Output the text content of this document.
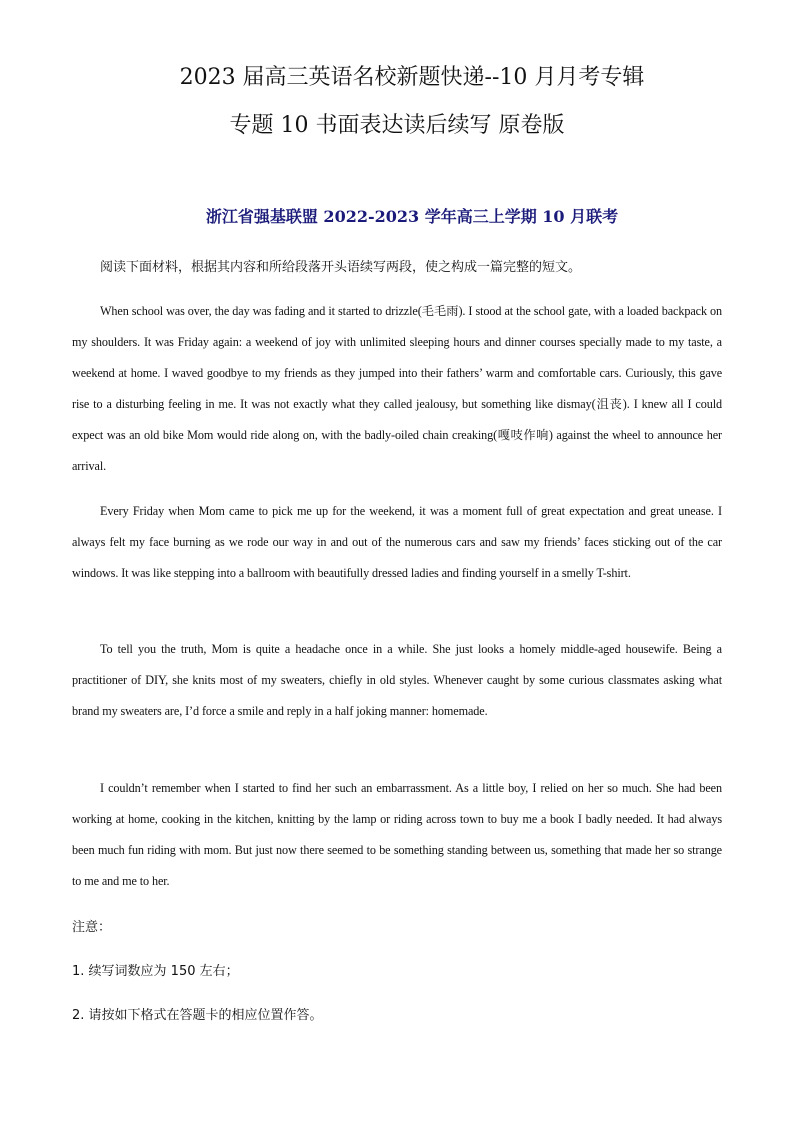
2023 届高三英语名校新题快递--10 月月考专辑
专题 10 书面表达读后续写 原卷版
浙江省强基联盟 2022-2023 学年高三上学期 10 月联考
阅读下面材料，根据其内容和所给段落开头语续写两段，使之构成一篇完整的短文。
When school was over, the day was fading and it started to drizzle(毛毛雨). I stood at the school gate, with a loaded backpack on my shoulders. It was Friday again: a weekend of joy with unlimited sleeping hours and dinner courses specially made to my taste, a weekend at home. I waved goodbye to my friends as they jumped into their fathers’ warm and comfortable cars. Curiously, this gave rise to a disturbing feeling in me. It was not exactly what they called jealousy, but something like dismay(沮丧). I knew all I could expect was an old bike Mom would ride along on, with the badly-oiled chain creaking(嘎吱作响) against the wheel to announce her arrival.
Every Friday when Mom came to pick me up for the weekend, it was a moment full of great expectation and great unease. I always felt my face burning as we rode our way in and out of the numerous cars and saw my friends’ faces sticking out of the car windows. It was like stepping into a ballroom with beautifully dressed ladies and finding yourself in a smelly T-shirt.
To tell you the truth, Mom is quite a headache once in a while. She just looks a homely middle-aged housewife. Being a practitioner of DIY, she knits most of my sweaters, chiefly in old styles. Whenever caught by some curious classmates asking what brand my sweaters are, I’d force a smile and reply in a half joking manner: homemade.
I couldn’t remember when I started to find her such an embarrassment. As a little boy, I relied on her so much. She had been working at home, cooking in the kitchen, knitting by the lamp or riding across town to buy me a book I badly needed. It had always been much fun riding with mom. But just now there seemed to be something standing between us, something that made her so strange to me and me to her.
注意：
1. 续写词数应为 150 左右；
2. 请按如下格式在答题卡的相应位置作答。
